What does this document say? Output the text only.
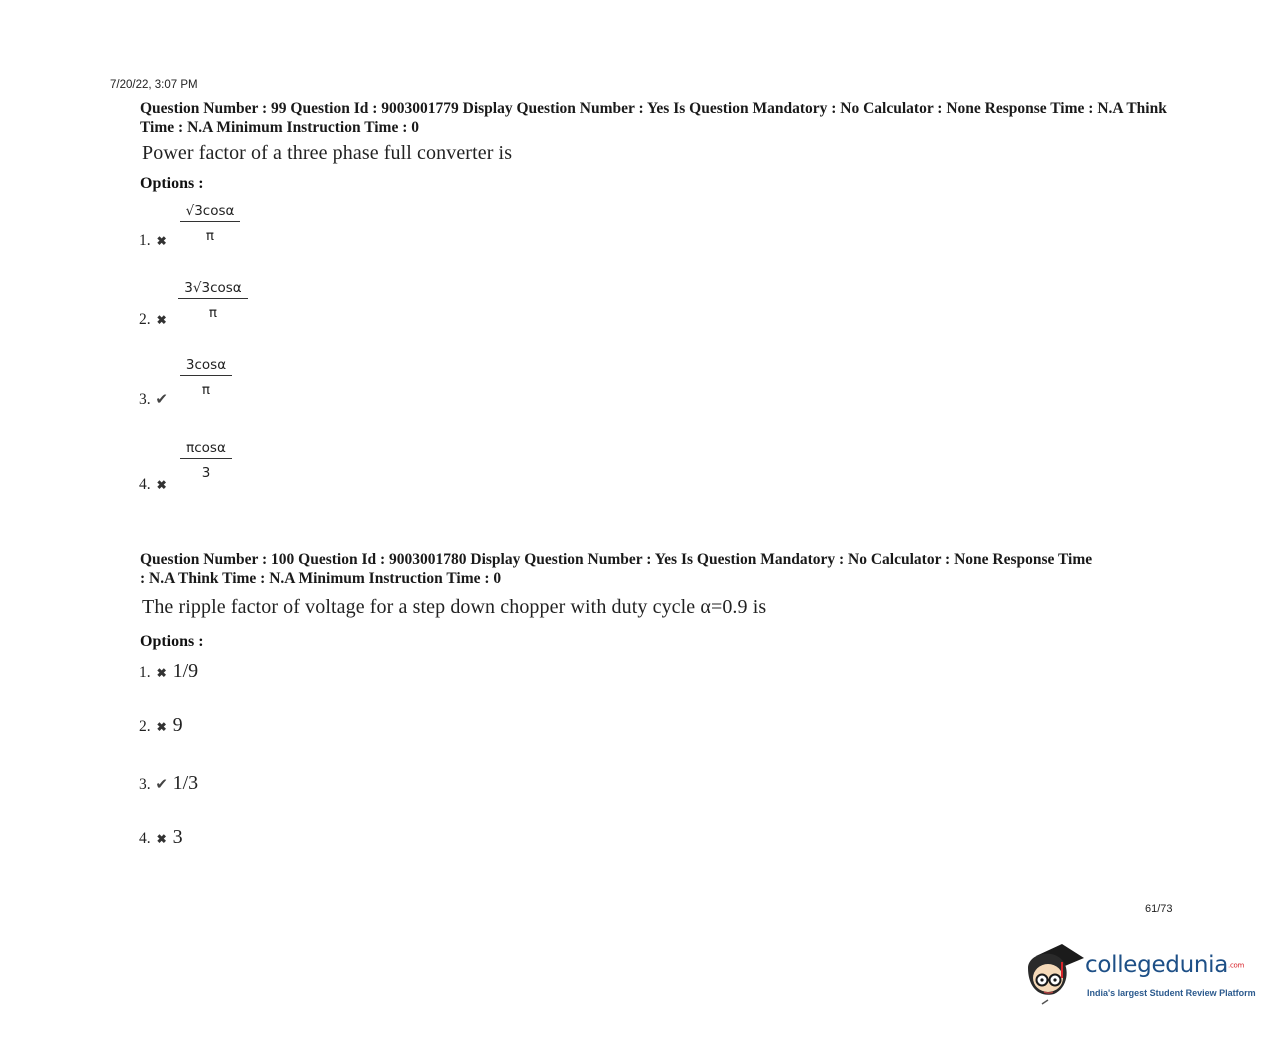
7/20/22, 3:07 PM
Question Number : 99 Question Id : 9003001779 Display Question Number : Yes Is Question Mandatory : No Calculator : None Response Time : N.A Think Time : N.A Minimum Instruction Time : 0
Power factor of a three phase full converter is
Options :
1. ✖ $\frac{√3\cos\alpha}{\pi}$
2. ✖ $\frac{3√3\cos\alpha}{\pi}$
3. ✔
$\frac{3\cos\alpha}{\pi}$
4. ✖
$\frac{\pi\cos\alpha}{3}$
Question Number : 100 Question Id : 9003001780 Display Question Number : Yes Is Question Mandatory : No Calculator : None Response Time : N.A Think Time : N.A Minimum Instruction Time : 0
The ripple factor of voltage for a step down chopper with duty cycle α=0.9 is
Options :
1. ✖ 1/9
2. ✖ 9
3. ✔ 1/3
4. ✖ 3
61/73
collegedunia.com
India's largest Student Review Platform
